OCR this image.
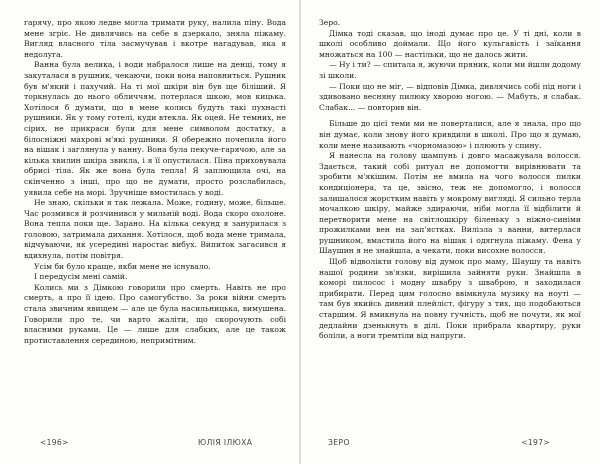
гарячу, про якою ледве могла тримати руку, налила піну. Вода мене згріє. Не дивлячись на себе в дзеркало, зняла піжаму. Вигляд власного тіла засмучував і вкотре нагадував, яка я недолуга.

Ванна була велика, і води набралося лише на денці, тому я закуталася в рушник, чекаючи, поки вона наповниться. Рушник був м'який і пахучий. На ті мої шкіри він був ще біліший. Я торкнулась до нього обличчям, потерлася шкою, мов кицька. Хотілося б думати, що в мене колись будуть такі пухнасті рушники. Як у тому готелі, куди втекла. Як оцей. Не темних, не сірих, не прикраси були для мене символом достатку, а білосніжні махрові м'які рушники. Я обережно почепила його на вішак і заглянула у ванну. Вона була пекуче-гарячою, але за кілька хвилин шкіра звикла, і я її опустилася. Піна приховувала обрисі тіла. Як же вона була тепла! Я заплющила очі, на скінченно з інші, про що не думати, просто розслабилась, уявила себе на морі. Зручніше вмостилась у воді.

Не знаю, скільки я так лежала. Може, годину, може, більше. Час розмився й розчинився у мильній воді. Вода скоро охолоне. Вона тепла поки ще. Зарано. На кілька секунд я занурилася з головою, затримала дихання. Хотілося, щоб вода мене тримала, відчуваючи, як усередині наростає вибух. Випиток загасився я вдихнула, потім повітря.

Усім би було краще, якби мене не існувало.

І передусім мені самій.

Колись ми з Дімкою говорили про смерть. Навіть не про смерть, а про її ідею. Про самогубство. За роки війни смерть стала звичним явищем — але це була насильницька, вимушена. Говорили про те, чи варто жаліти, що скорочують собі власними руками. Це — лише для слабких, але це також протиставлення серединою, непримітним.

Зеро.

Дімка тоді сказав, що іноді думає про це. У ті дні, коли в школі особливо доймали. Що його кульгавість і заїкання множаться на 100 — настільки, що не далось жити.

— Ну і ти? — спитала я, жуючи пряник, коли ми йшли додому зі школи.

— Поки що не міг, — відповів Дімка, дивлячись собі під ноги і здивовано весняну пилюку хворою ногою. — Мабуть, я слабак. Слабак... — повторив він.

Більше до цієї теми ми не поверталися, але я знала, про що він думає, коли знову його кривдили в школі. Про що я думаю, коли мене називають «чорномазою» і плюють у спину.

Я нанесла на голову шампунь і довго масажувала волосся. Здається, такий собі ритуал не допомогти вирівнювати та зробити м'якішим. Потім не вмила на чого волосся пилки кондиціонера, та це, звісно, теж не допомогло, і волосся залишалося жорстким навіть у мокрому вигляді. Я сильно терла мочалкою шкіру, майже здираючи, ніби могла її відбілити й перетворити мене на світлошкіру біленьку з ніжно-синіми прожилками вен на зап'ястках. Вилізла з ванни, витерлася рушником, вмастила його на вішак і одягнула піжаму. Фена у Шаушин я не знайшла, а чекати, поки висохне волосся.

Щоб відволікти голову від думок про маму, Шаушу та навіть нашої родини зв'язки, вирішила зайняти руки. Знайшла в коморі пилосос і модну швабру з шваброю, я заходилася прибирати. Перед цим голосно ввімкнула музику на ноуті — там був якийсь дивний плейліст, фігуру з тих, що подобаються старшим. Я вмикнула на повну гучність, щоб не почути, як мої дедлайни дзенькнуть в ділі. Поки прибрала квартиру, руки боліли, а ноги тремтіли від напруги.

<196>	ЮЛІЯ ІЛЮХА	ЗЕРО	<197>
